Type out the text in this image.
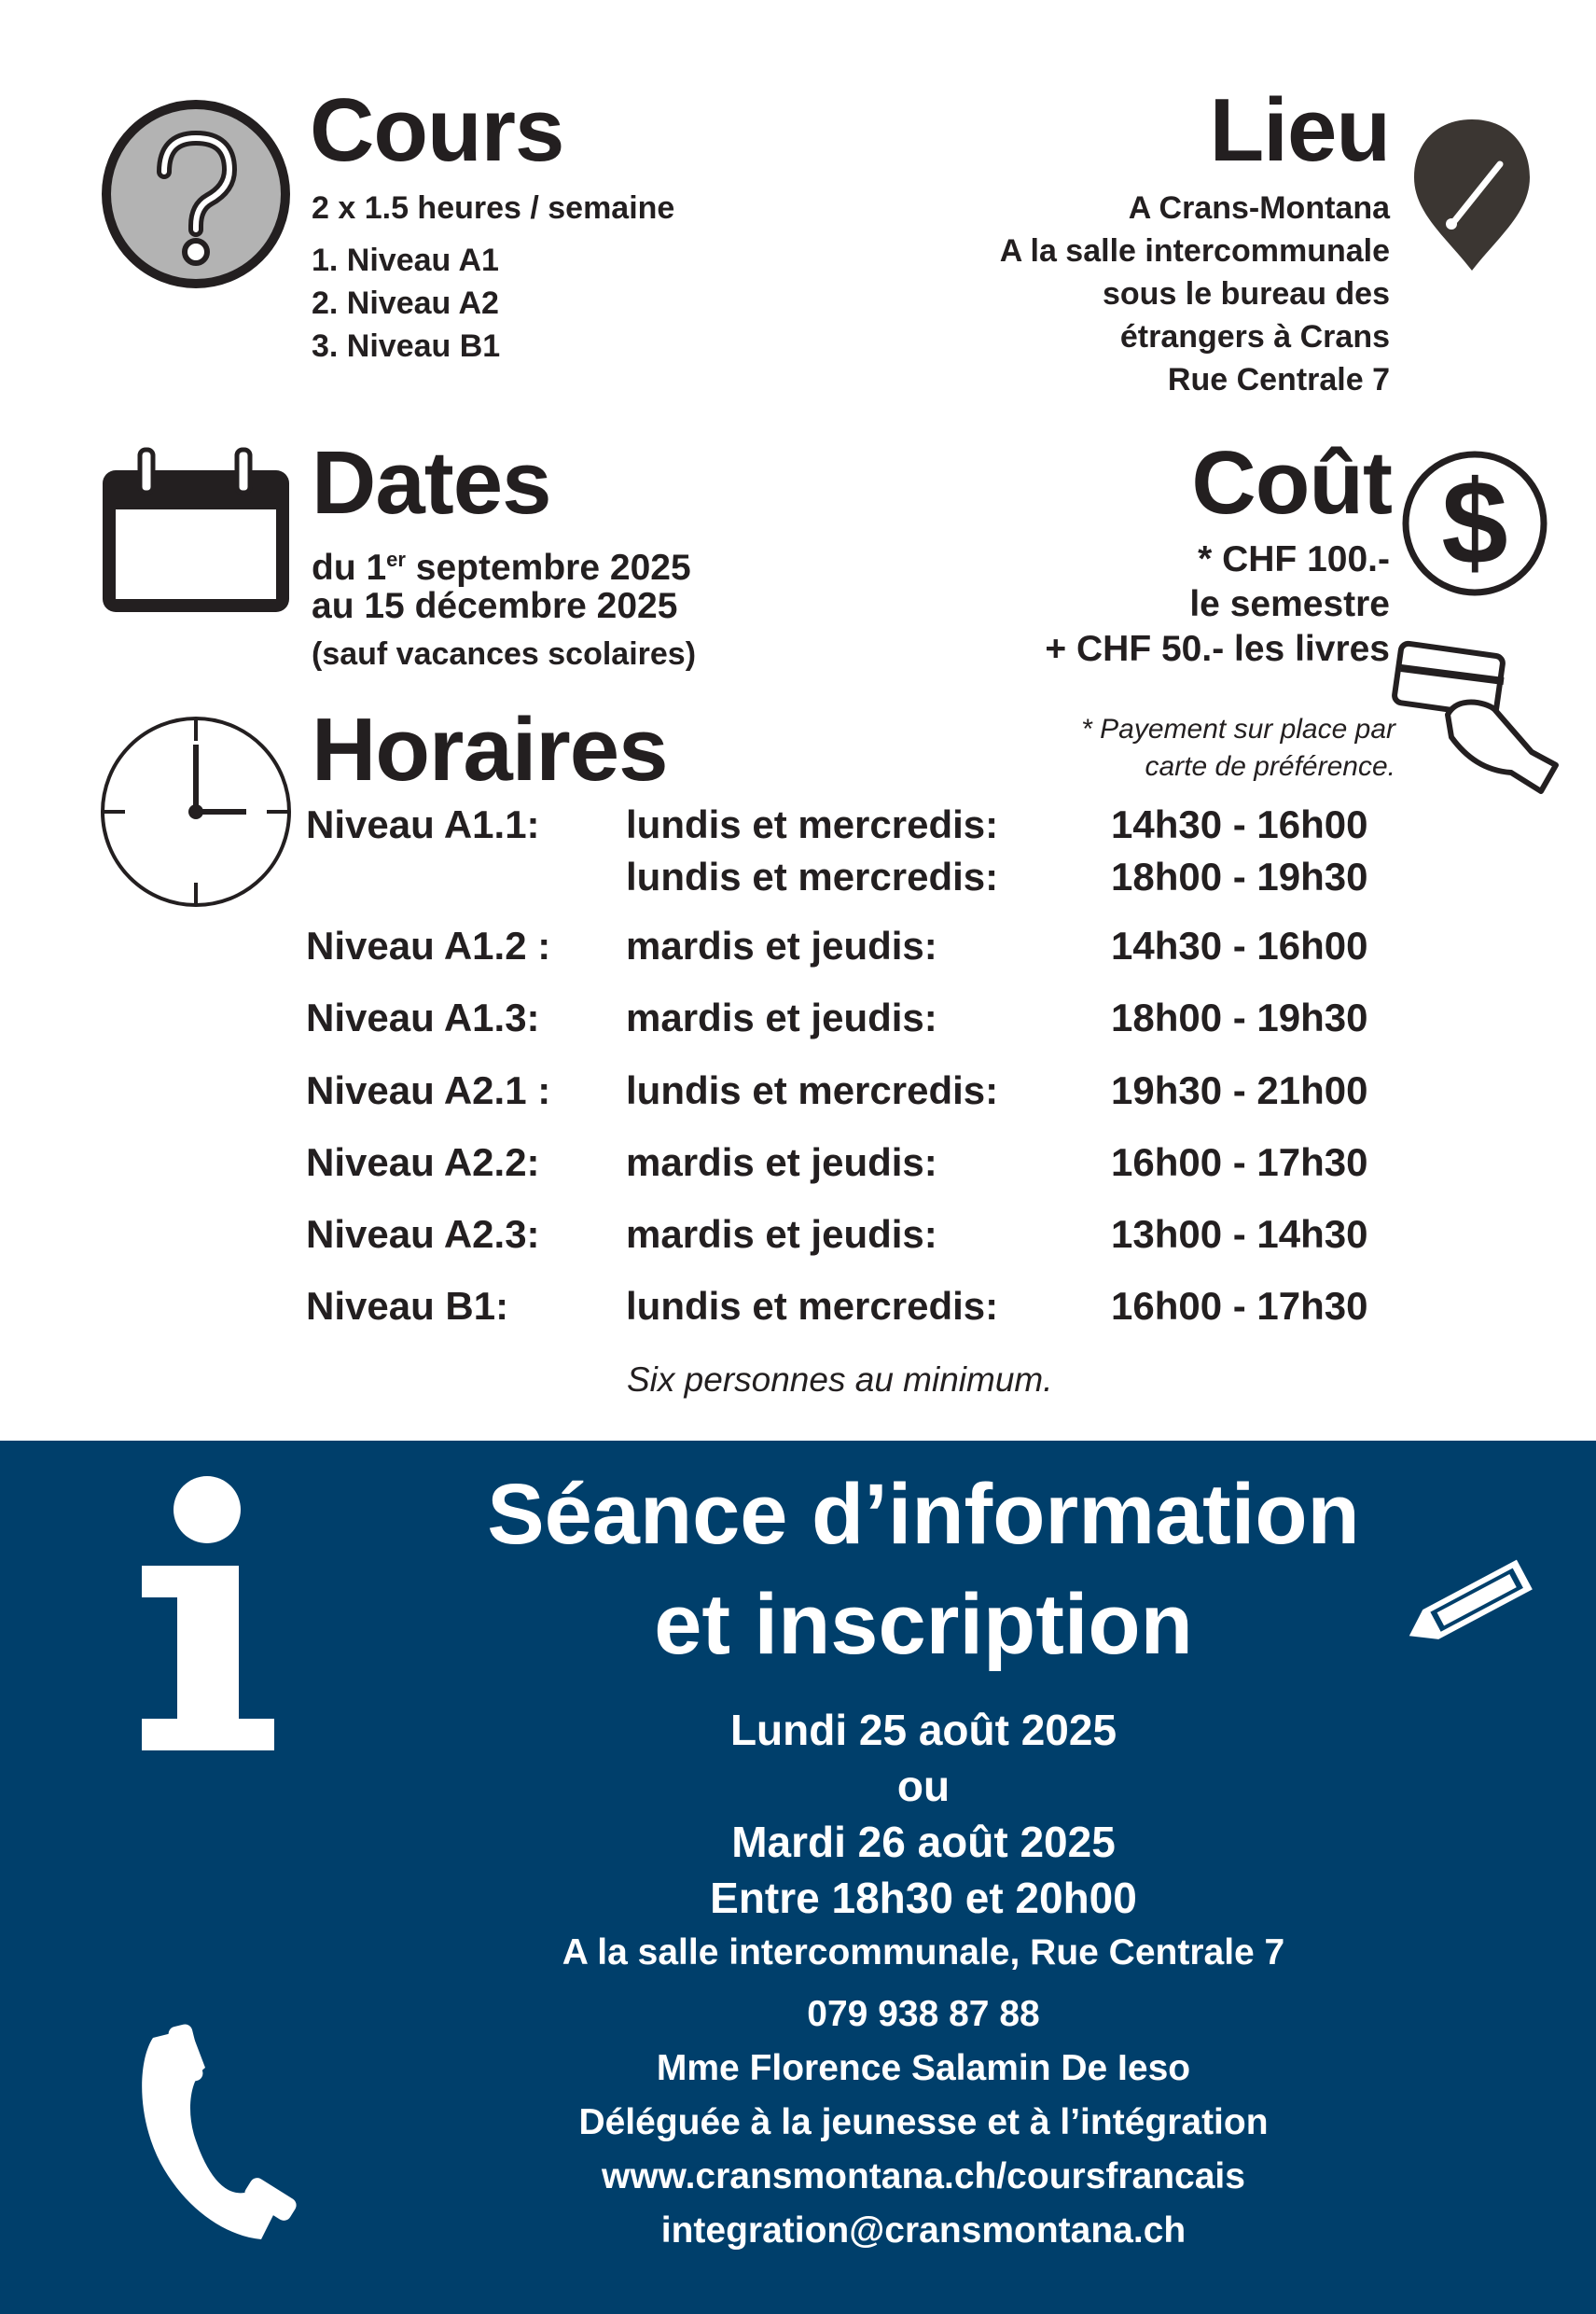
Cours
2 x 1.5 heures / semaine
1. Niveau A1
2. Niveau A2
3. Niveau B1
Lieu
A Crans-Montana
A la salle intercommunale
sous le bureau des
étrangers à Crans
Rue Centrale 7
Dates
du 1er septembre 2025
au 15 décembre 2025
(sauf vacances scolaires)
Coût
* CHF 100.-
le semestre
+ CHF 50.- les livres
$
* Payement sur place par
carte de préférence.
Horaires
Niveau A1.1: lundis et mercredis:	14h30 - 16h00
lundis et mercredis:	18h00 - 19h30
Niveau A1.2 : mardis et jeudis:	14h30 - 16h00
Niveau A1.3: mardis et jeudis:	18h00 - 19h30
Niveau A2.1 : lundis et mercredis:	19h30 - 21h00
Niveau A2.2: mardis et jeudis:	16h00 - 17h30
Niveau A2.3: mardis et jeudis:	13h00 - 14h30
Niveau B1:	lundis et mercredis:	16h00 - 17h30
Six personnes au minimum.
Séance d’information
et inscription
Lundi 25 août 2025
ou
Mardi 26 août 2025
Entre 18h30 et 20h00
A la salle intercommunale, Rue Centrale 7
079 938 87 88
Mme Florence Salamin De Ieso
Déléguée à la jeunesse et à l’intégration
www.cransmontana.ch/coursfrancais
integration@cransmontana.ch
